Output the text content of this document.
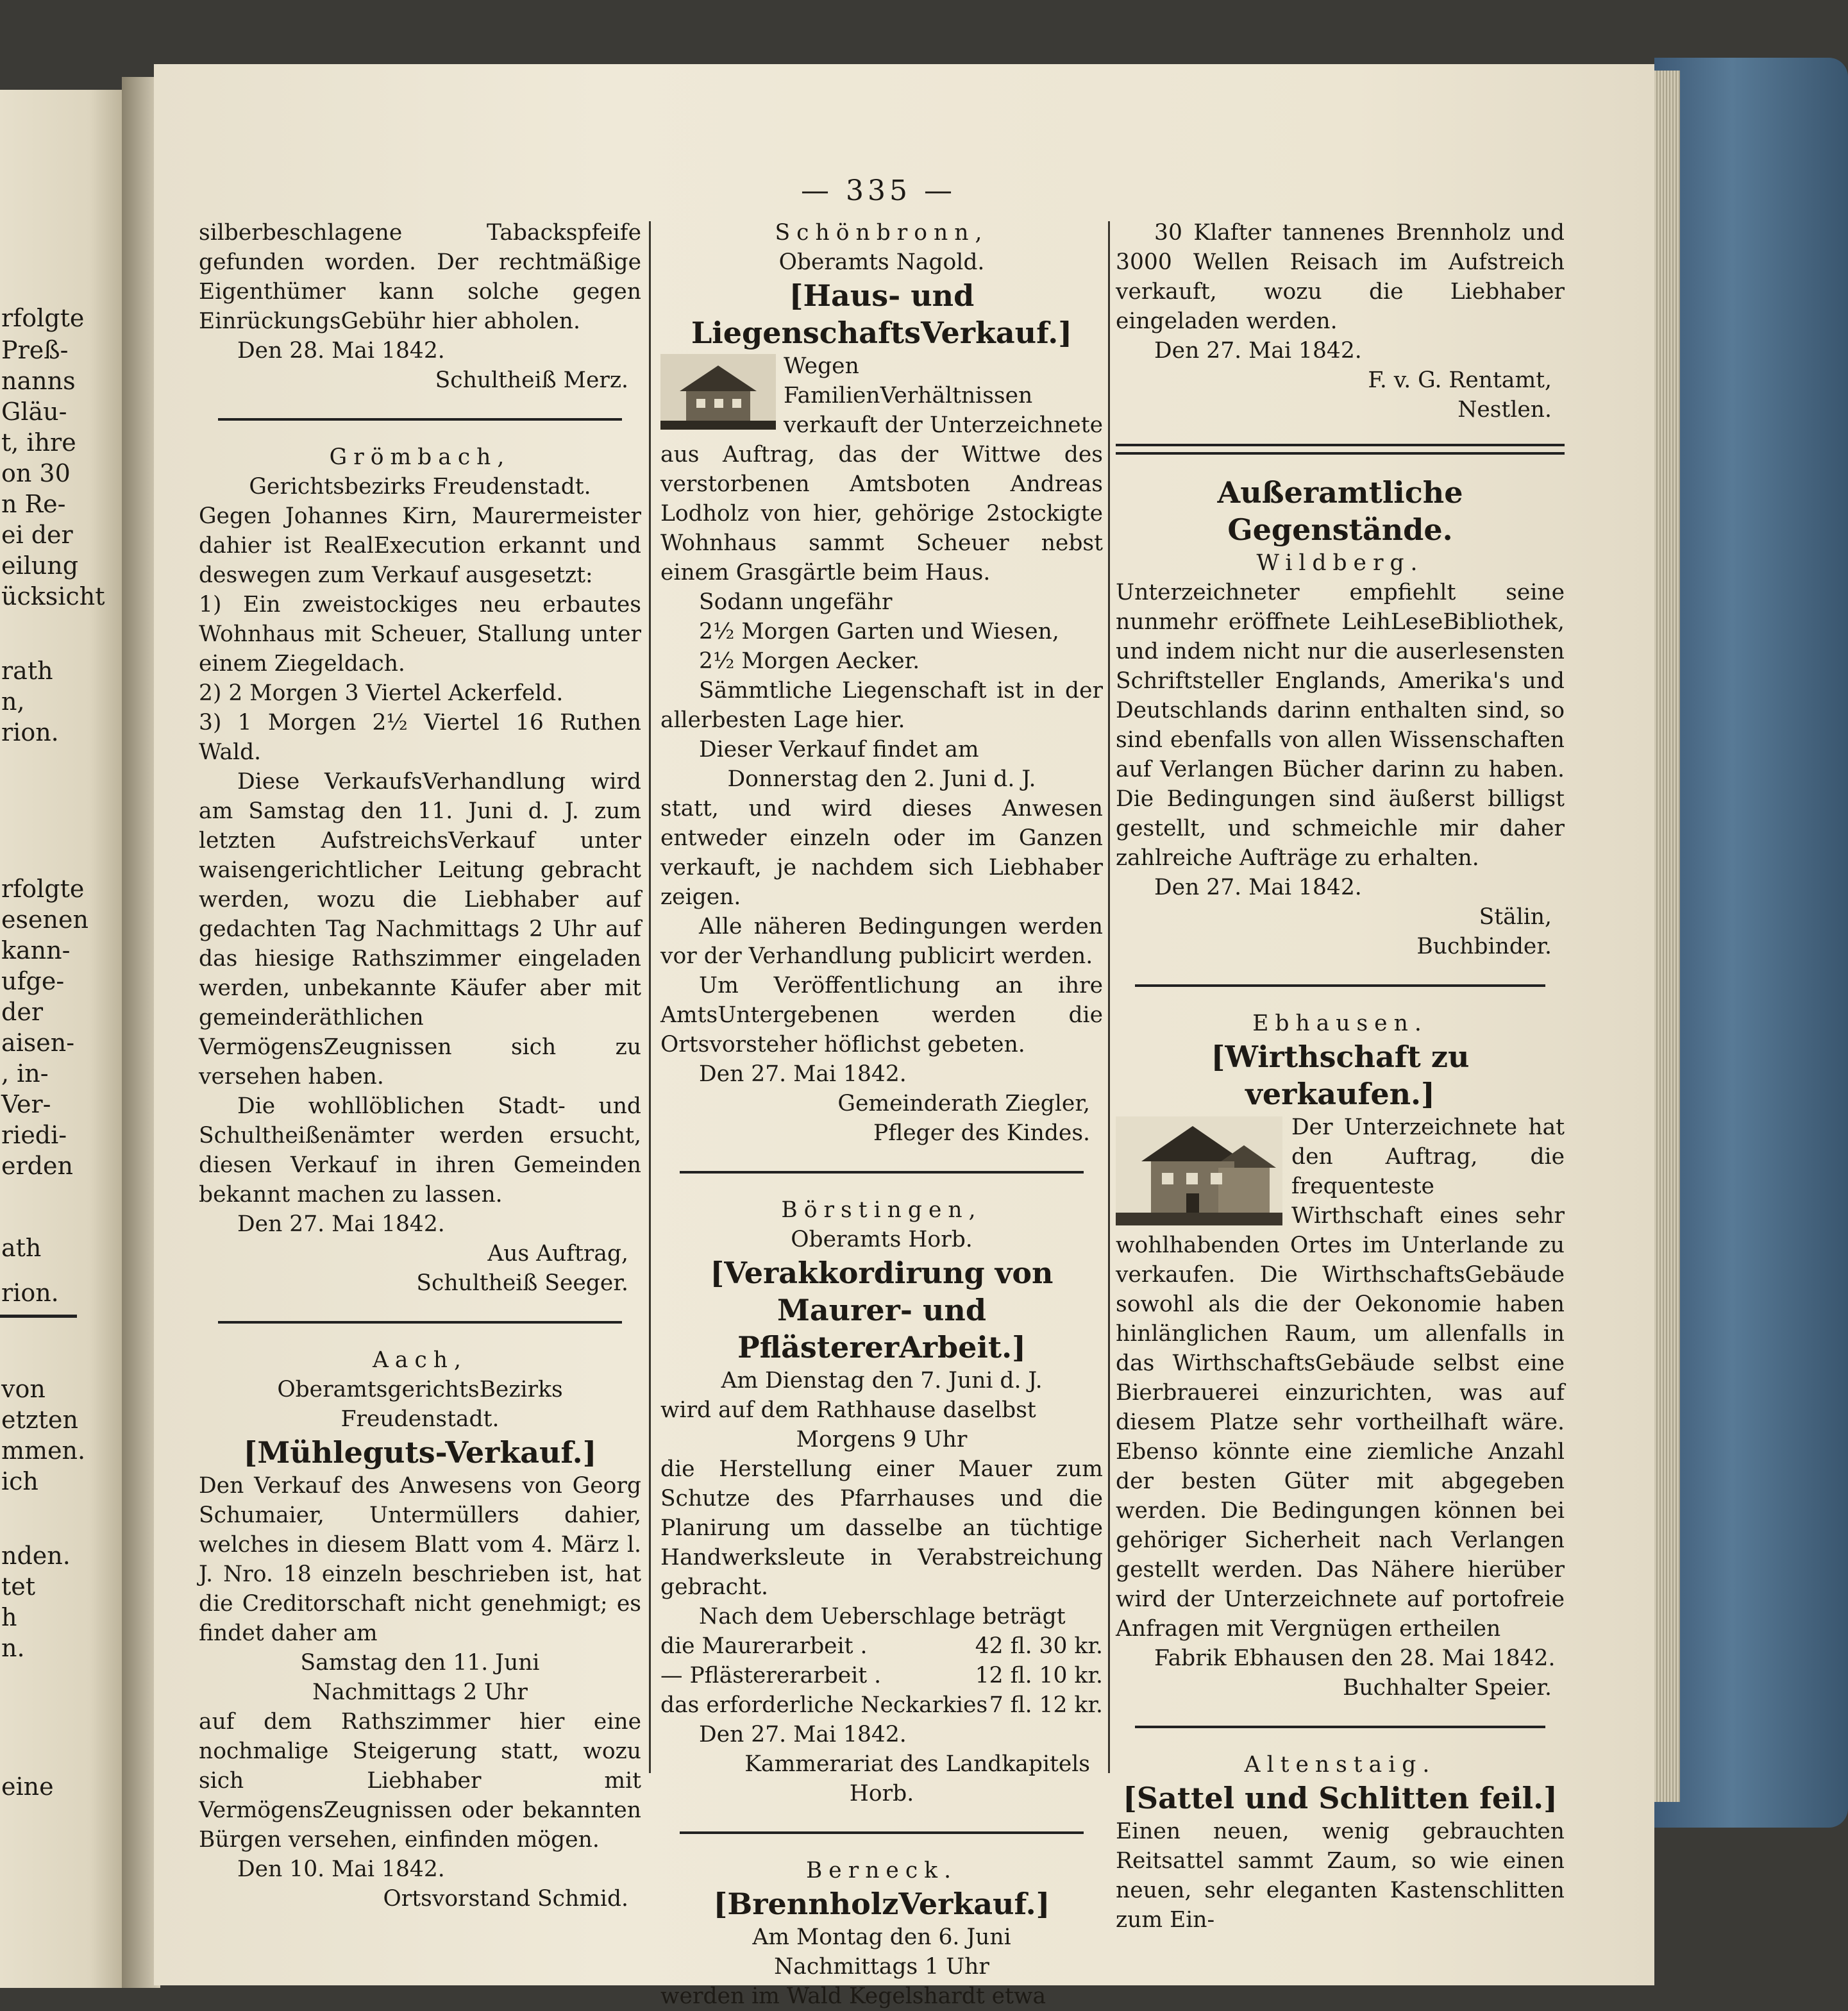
— 335 —

silberbeschlagene Tabackspfeife gefunden worden. Der rechtmäßige Eigenthümer kann solche gegen EinrückungsGebühr hier abholen.

Den 28. Mai 1842.

Schultheiß Merz.

Grömbach,

Gerichtsbezirks Freudenstadt.

Gegen Johannes Kirn, Maurermeister dahier ist RealExecution erkannt und deswegen zum Verkauf ausgesetzt:

1) Ein zweistockiges neu erbautes Wohnhaus mit Scheuer, Stallung unter einem Ziegeldach.

2) 2 Morgen 3 Viertel Ackerfeld.

3) 1 Morgen 2½ Viertel 16 Ruthen Wald.

Diese VerkaufsVerhandlung wird am Samstag den 11. Juni d. J. zum letzten AufstreichsVerkauf unter waisengerichtlicher Leitung gebracht werden, wozu die Liebhaber auf gedachten Tag Nachmittags 2 Uhr auf das hiesige Rathszimmer eingeladen werden, unbekannte Käufer aber mit gemeinderäthlichen VermögensZeugnissen sich zu versehen haben.

Die wohllöblichen Stadt- und Schultheißenämter werden ersucht, diesen Verkauf in ihren Gemeinden bekannt machen zu lassen.

Den 27. Mai 1842.

Aus Auftrag,

Schultheiß Seeger.

Aach,

OberamtsgerichtsBezirks Freudenstadt.

[Mühleguts-Verkauf.]

Den Verkauf des Anwesens von Georg Schumaier, Untermüllers dahier, welches in diesem Blatt vom 4. März l. J. Nro. 18 einzeln beschrieben ist, hat die Creditorschaft nicht genehmigt; es findet daher am

Samstag den 11. Juni

Nachmittags 2 Uhr

auf dem Rathszimmer hier eine nochmalige Steigerung statt, wozu sich Liebhaber mit VermögensZeugnissen oder bekannten Bürgen versehen, einfinden mögen.

Den 10. Mai 1842.

Ortsvorstand Schmid.

Schönbronn,

Oberamts Nagold.

[Haus- und LiegenschaftsVerkauf.]

Wegen FamilienVerhältnissen verkauft der Unterzeichnete aus Auftrag, das der Wittwe des verstorbenen Amtsboten Andreas Lodholz von hier, gehörige 2stockigte Wohnhaus sammt Scheuer nebst einem Grasgärtle beim Haus.

Sodann ungefähr

2½ Morgen Garten und Wiesen,

2½ Morgen Aecker.

Sämmtliche Liegenschaft ist in der allerbesten Lage hier.

Dieser Verkauf findet am

Donnerstag den 2. Juni d. J.

statt, und wird dieses Anwesen entweder einzeln oder im Ganzen verkauft, je nachdem sich Liebhaber zeigen.

Alle näheren Bedingungen werden vor der Verhandlung publicirt werden.

Um Veröffentlichung an ihre AmtsUntergebenen werden die Ortsvorsteher höflichst gebeten.

Den 27. Mai 1842.

Gemeinderath Ziegler,

Pfleger des Kindes.

Börstingen,

Oberamts Horb.

[Verakkordirung von Maurer- und PflästererArbeit.]

Am Dienstag den 7. Juni d. J.

wird auf dem Rathhause daselbst

Morgens 9 Uhr

die Herstellung einer Mauer zum Schutze des Pfarrhauses und die Planirung um dasselbe an tüchtige Handwerksleute in Verabstreichung gebracht.

Nach dem Ueberschlage beträgt

die Maurerarbeit .	42 fl. 30 kr.
— Pflästererarbeit .	12 fl. 10 kr.
das erforderliche Neckarkies 7 fl. 12 kr.

Den 27. Mai 1842.

Kammerariat des Landkapitels

Horb.

Berneck.

[BrennholzVerkauf.]

Am Montag den 6. Juni

Nachmittags 1 Uhr

werden im Wald Kegelshardt etwa

30 Klafter tannenes Brennholz und 3000 Wellen Reisach im Aufstreich verkauft, wozu die Liebhaber eingeladen werden.

Den 27. Mai 1842.

F. v. G. Rentamt,

Nestlen.

Außeramtliche Gegenstände.

Wildberg.

Unterzeichneter empfiehlt seine nunmehr eröffnete LeihLeseBibliothek, und indem nicht nur die auserlesensten Schriftsteller Englands, Amerika's und Deutschlands darinn enthalten sind, so sind ebenfalls von allen Wissenschaften auf Verlangen Bücher darinn zu haben. Die Bedingungen sind äußerst billigst gestellt, und schmeichle mir daher zahlreiche Aufträge zu erhalten.

Den 27. Mai 1842.

Stälin,

Buchbinder.

Ebhausen.

[Wirthschaft zu verkaufen.]

Der Unterzeichnete hat den Auftrag, die frequenteste Wirthschaft eines sehr wohlhabenden Ortes im Unterlande zu verkaufen. Die WirthschaftsGebäude sowohl als die der Oekonomie haben hinlänglichen Raum, um allenfalls in das WirthschaftsGebäude selbst eine Bierbrauerei einzurichten, was auf diesem Platze sehr vortheilhaft wäre. Ebenso könnte eine ziemliche Anzahl der besten Güter mit abgegeben werden. Die Bedingungen können bei gehöriger Sicherheit nach Verlangen gestellt werden. Das Nähere hierüber wird der Unterzeichnete auf portofreie Anfragen mit Vergnügen ertheilen

Fabrik Ebhausen den 28. Mai 1842.

Buchhalter Speier.

Altenstaig.

[Sattel und Schlitten feil.]

Einen neuen, wenig gebrauchten Reitsattel sammt Zaum, so wie einen neuen, sehr eleganten Kastenschlitten zum Ein-

rfolgte
Preß-
nanns
Gläu-
t, ihre
on 30
n Re-
ei der
eilung
ücksicht
rath
n,
rion.
rfolgte
esenen
kann-
ufge-
der
aisen-
, in-
Ver-
riedi-
erden
ath
rion.
von
etzten
mmen.
ich
nden.
tet
h
n.
eine
